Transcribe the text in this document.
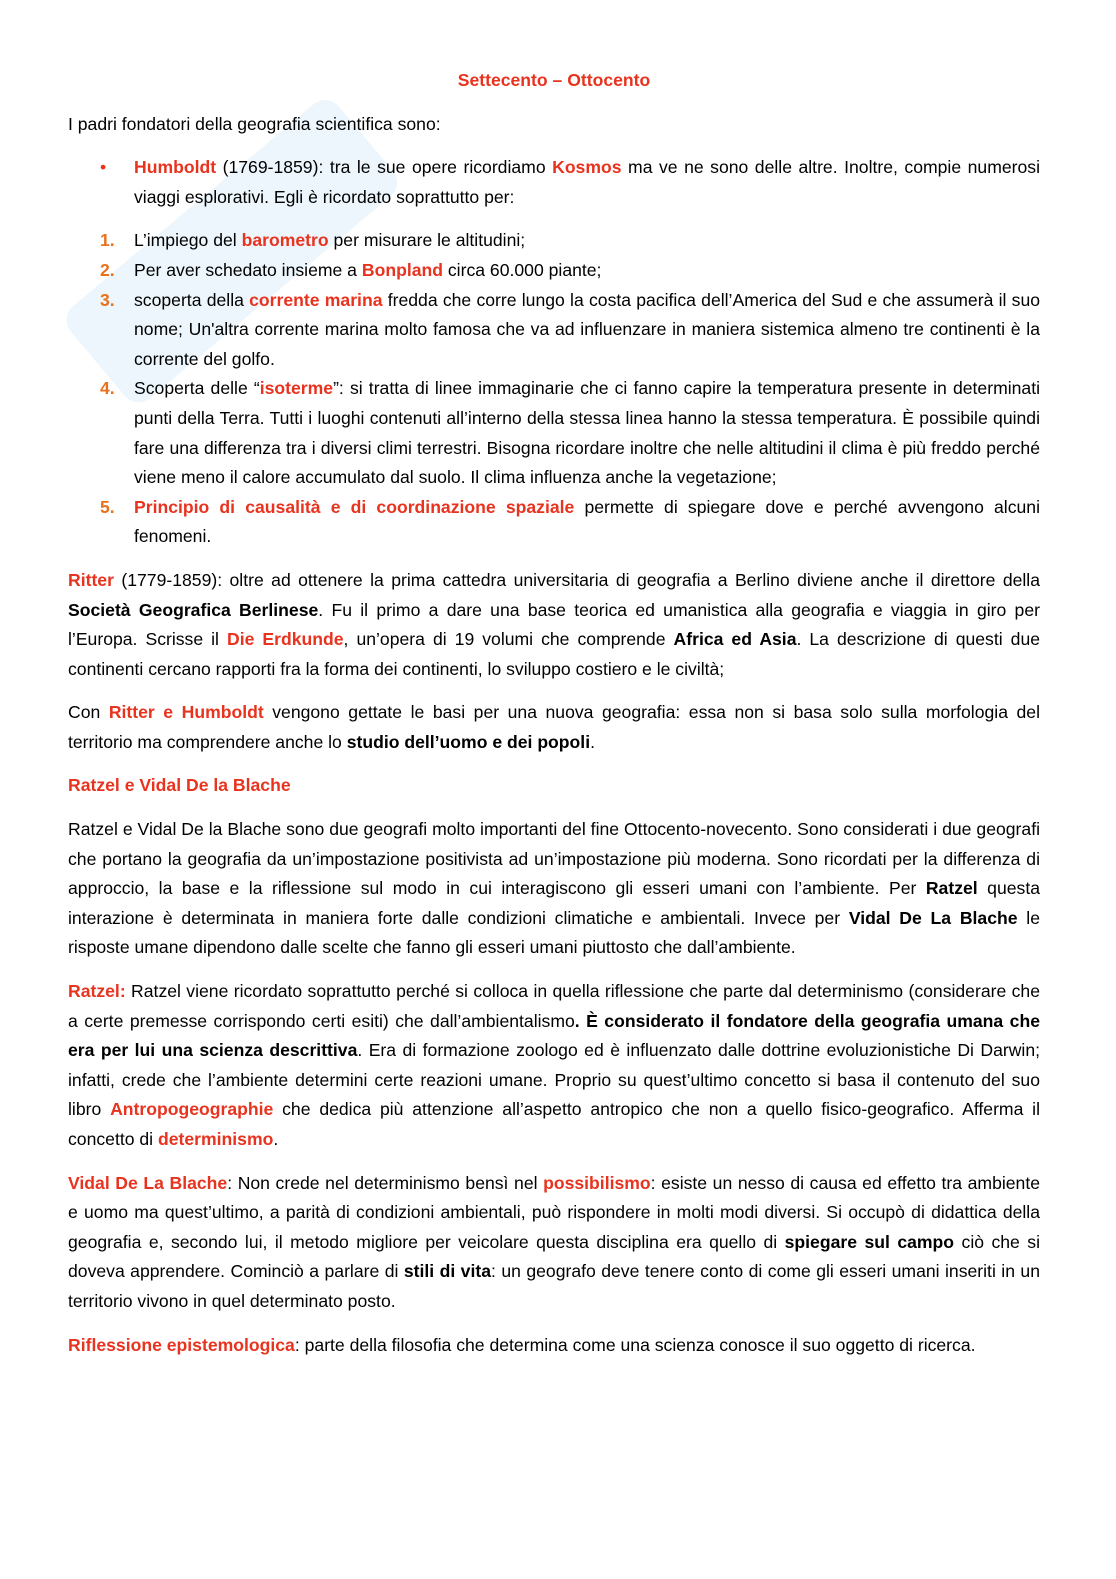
Settecento – Ottocento

I padri fondatori della geografia scientifica sono:

• Humboldt (1769-1859): tra le sue opere ricordiamo Kosmos ma ve ne sono delle altre. Inoltre, compie numerosi viaggi esplorativi. Egli è ricordato soprattutto per:
1. L’impiego del barometro per misurare le altitudini;
2. Per aver schedato insieme a Bonpland circa 60.000 piante;
3. scoperta della corrente marina fredda che corre lungo la costa pacifica dell’America del Sud e che assumerà il suo nome; Un'altra corrente marina molto famosa che va ad influenzare in maniera sistemica almeno tre continenti è la corrente del golfo.
4. Scoperta delle “isoterme”: si tratta di linee immaginarie che ci fanno capire la temperatura presente in determinati punti della Terra. Tutti i luoghi contenuti all’interno della stessa linea hanno la stessa temperatura. È possibile quindi fare una differenza tra i diversi climi terrestri. Bisogna ricordare inoltre che nelle altitudini il clima è più freddo perché viene meno il calore accumulato dal suolo. Il clima influenza anche la vegetazione;
5. Principio di causalità e di coordinazione spaziale permette di spiegare dove e perché avvengono alcuni fenomeni.

Ritter (1779-1859): oltre ad ottenere la prima cattedra universitaria di geografia a Berlino diviene anche il direttore della Società Geografica Berlinese. Fu il primo a dare una base teorica ed umanistica alla geografia e viaggia in giro per l’Europa. Scrisse il Die Erdkunde, un’opera di 19 volumi che comprende Africa ed Asia. La descrizione di questi due continenti cercano rapporti fra la forma dei continenti, lo sviluppo costiero e le civiltà;

Con Ritter e Humboldt vengono gettate le basi per una nuova geografia: essa non si basa solo sulla morfologia del territorio ma comprendere anche lo studio dell’uomo e dei popoli.

Ratzel e Vidal De la Blache

Ratzel e Vidal De la Blache sono due geografi molto importanti del fine Ottocento-novecento. Sono considerati i due geografi che portano la geografia da un’impostazione positivista ad un’impostazione più moderna. Sono ricordati per la differenza di approccio, la base e la riflessione sul modo in cui interagiscono gli esseri umani con l’ambiente. Per Ratzel questa interazione è determinata in maniera forte dalle condizioni climatiche e ambientali. Invece per Vidal De La Blache le risposte umane dipendono dalle scelte che fanno gli esseri umani piuttosto che dall’ambiente.

Ratzel: Ratzel viene ricordato soprattutto perché si colloca in quella riflessione che parte dal determinismo (considerare che a certe premesse corrispondo certi esiti) che dall’ambientalismo. È considerato il fondatore della geografia umana che era per lui una scienza descrittiva. Era di formazione zoologo ed è influenzato dalle dottrine evoluzionistiche Di Darwin; infatti, crede che l’ambiente determini certe reazioni umane. Proprio su quest’ultimo concetto si basa il contenuto del suo libro Antropogeographie che dedica più attenzione all’aspetto antropico che non a quello fisico-geografico. Afferma il concetto di determinismo.

Vidal De La Blache: Non crede nel determinismo bensì nel possibilismo: esiste un nesso di causa ed effetto tra ambiente e uomo ma quest’ultimo, a parità di condizioni ambientali, può rispondere in molti modi diversi. Si occupò di didattica della geografia e, secondo lui, il metodo migliore per veicolare questa disciplina era quello di spiegare sul campo ciò che si doveva apprendere. Cominciò a parlare di stili di vita: un geografo deve tenere conto di come gli esseri umani inseriti in un territorio vivono in quel determinato posto.

Riflessione epistemologica: parte della filosofia che determina come una scienza conosce il suo oggetto di ricerca.
